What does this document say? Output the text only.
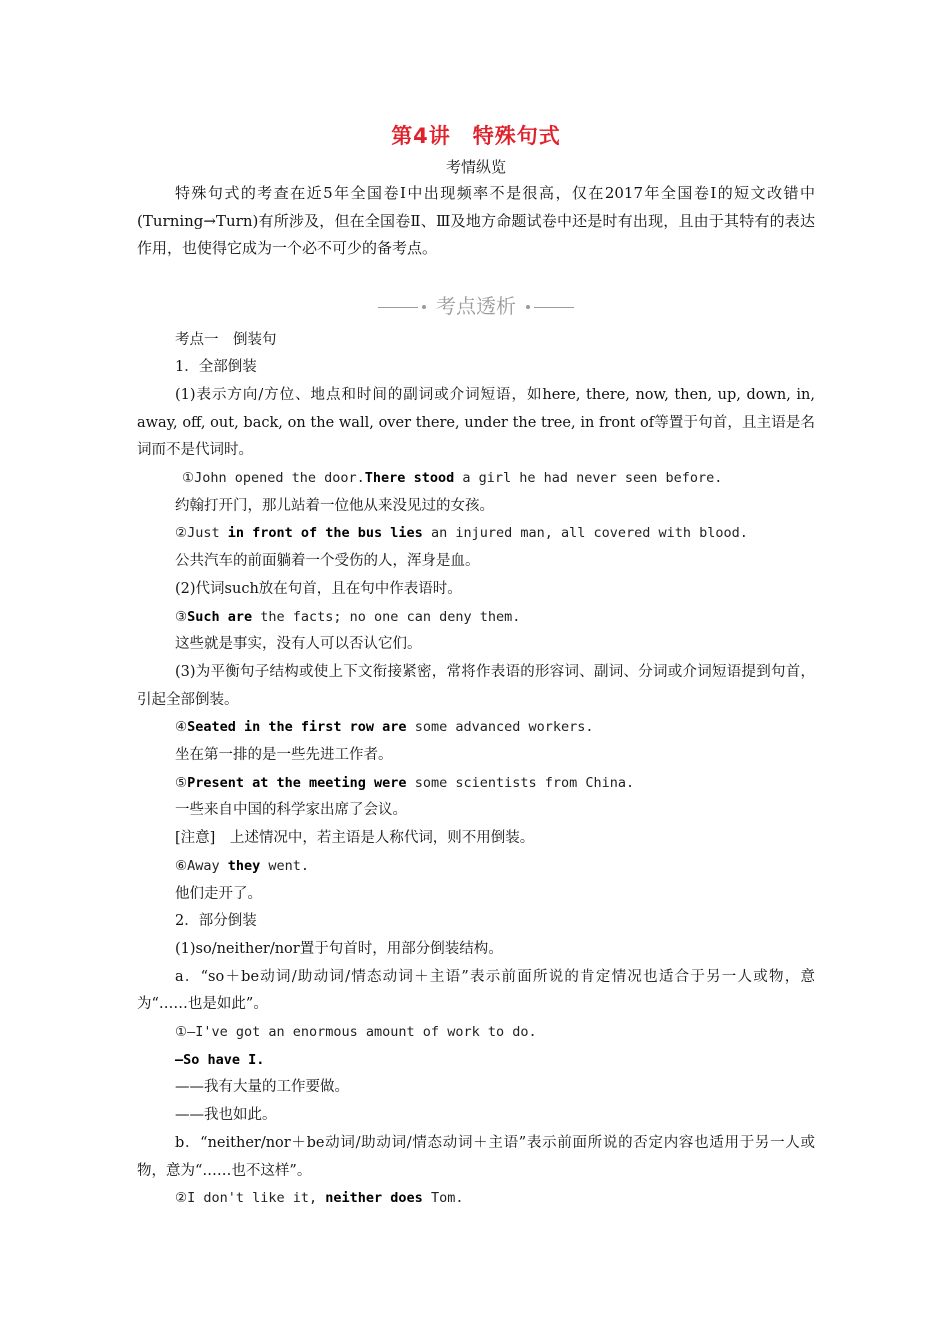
第4讲　特殊句式
考情纵览

特殊句式的考查在近5年全国卷Ⅰ中出现频率不是很高，仅在2017年全国卷Ⅰ的短文改错中(Turning→Turn)有所涉及，但在全国卷Ⅱ、Ⅲ及地方命题试卷中还是时有出现，且由于其特有的表达作用，也使得它成为一个必不可少的备考点。

考点透析

考点一　倒装句

1．全部倒装

(1)表示方向/方位、地点和时间的副词或介词短语，如here, there, now, then, up, down, in, away, off, out, back, on the wall, over there, under the tree, in front of等置于句首，且主语是名词而不是代词时。

①John opened the door.There stood a girl he had never seen before.

约翰打开门，那儿站着一位他从来没见过的女孩。

②Just in front of the bus lies an injured man, all covered with blood.

公共汽车的前面躺着一个受伤的人，浑身是血。

(2)代词such放在句首，且在句中作表语时。

③Such are the facts; no one can deny them.

这些就是事实，没有人可以否认它们。

(3)为平衡句子结构或使上下文衔接紧密，常将作表语的形容词、副词、分词或介词短语提到句首，引起全部倒装。

④Seated in the first row are some advanced workers.

坐在第一排的是一些先进工作者。

⑤Present at the meeting were some scientists from China.

一些来自中国的科学家出席了会议。

[注意]　上述情况中，若主语是人称代词，则不用倒装。

⑥Away they went.

他们走开了。

2．部分倒装

(1)so/neither/nor置于句首时，用部分倒装结构。

a．“so＋be动词/助动词/情态动词＋主语”表示前面所说的肯定情况也适合于另一人或物，意为“……也是如此”。

①—I've got an enormous amount of work to do.

—So have I.

——我有大量的工作要做。

——我也如此。

b．“neither/nor＋be动词/助动词/情态动词＋主语”表示前面所说的否定内容也适用于另一人或物，意为“……也不这样”。

②I don't like it, neither does Tom.
